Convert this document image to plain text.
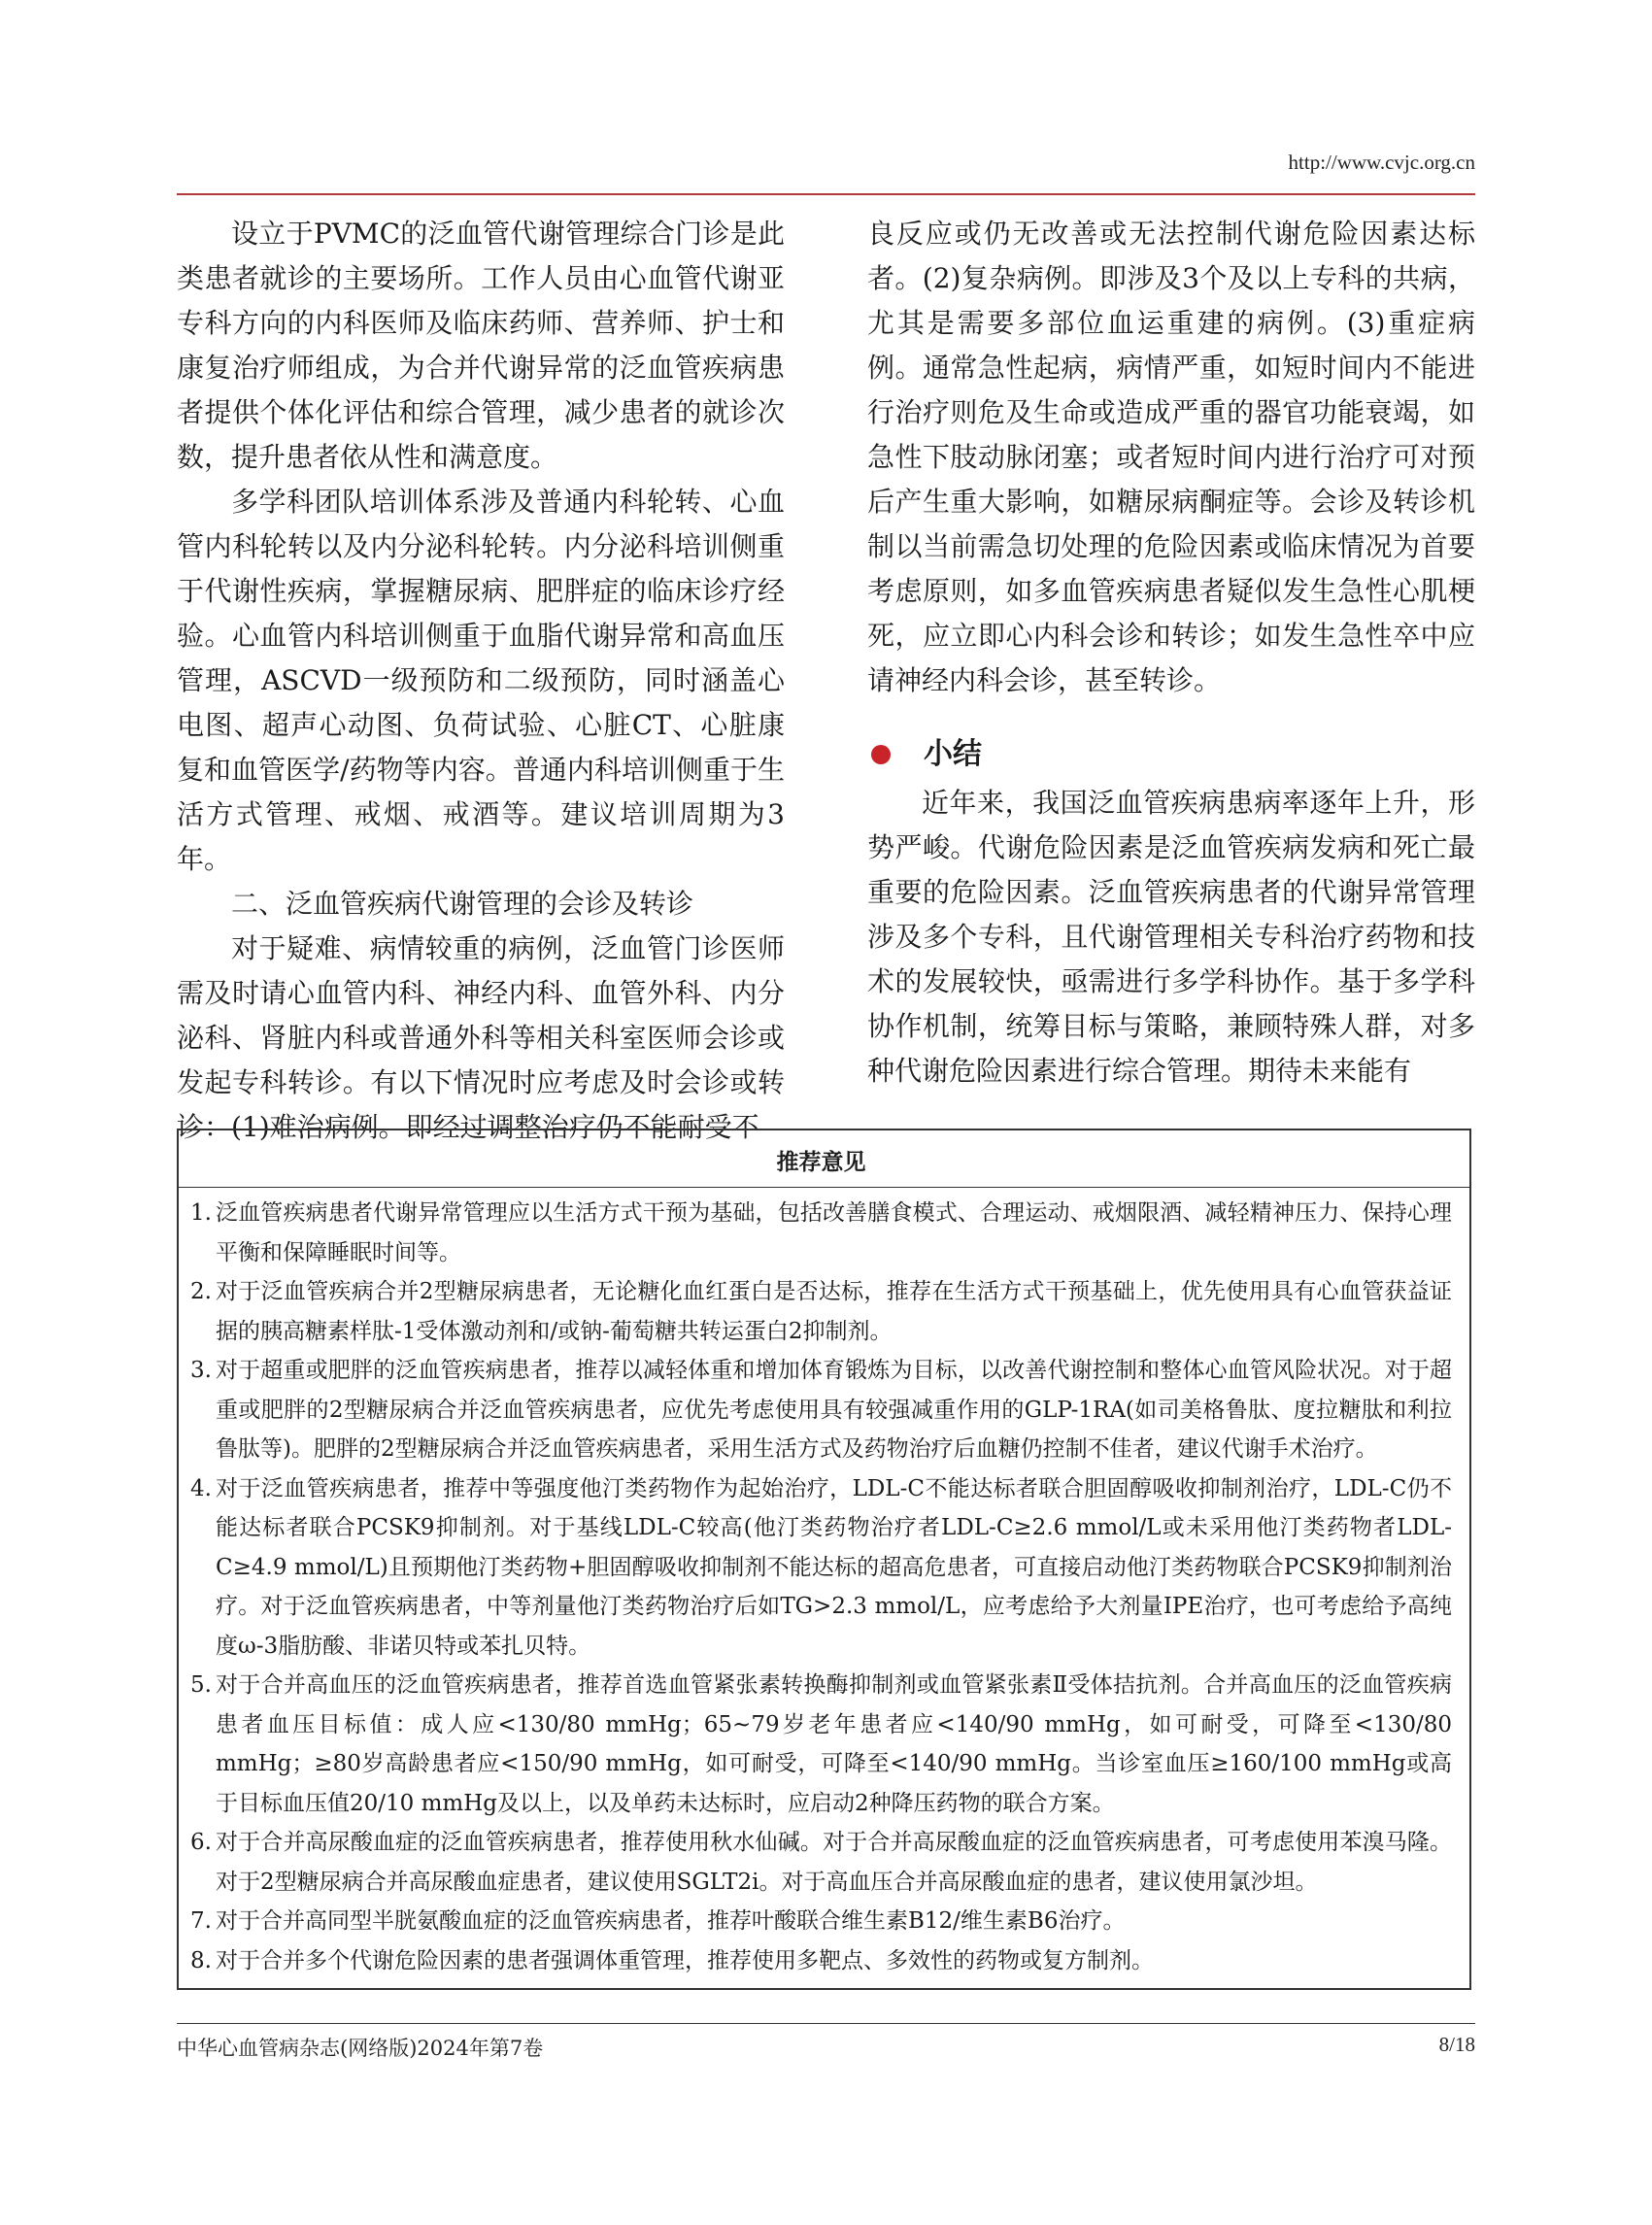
http://www.cvjc.org.cn

设立于PVMC的泛血管代谢管理综合门诊是此类患者就诊的主要场所。工作人员由心血管代谢亚专科方向的内科医师及临床药师、营养师、护士和康复治疗师组成，为合并代谢异常的泛血管疾病患者提供个体化评估和综合管理，减少患者的就诊次数，提升患者依从性和满意度。

多学科团队培训体系涉及普通内科轮转、心血管内科轮转以及内分泌科轮转。内分泌科培训侧重于代谢性疾病，掌握糖尿病、肥胖症的临床诊疗经验。心血管内科培训侧重于血脂代谢异常和高血压管理，ASCVD一级预防和二级预防，同时涵盖心电图、超声心动图、负荷试验、心脏CT、心脏康复和血管医学/药物等内容。普通内科培训侧重于生活方式管理、戒烟、戒酒等。建议培训周期为3年。

二、泛血管疾病代谢管理的会诊及转诊

对于疑难、病情较重的病例，泛血管门诊医师需及时请心血管内科、神经内科、血管外科、内分泌科、肾脏内科或普通外科等相关科室医师会诊或发起专科转诊。有以下情况时应考虑及时会诊或转诊：(1)难治病例。即经过调整治疗仍不能耐受不

良反应或仍无改善或无法控制代谢危险因素达标者。(2)复杂病例。即涉及3个及以上专科的共病，尤其是需要多部位血运重建的病例。(3)重症病例。通常急性起病，病情严重，如短时间内不能进行治疗则危及生命或造成严重的器官功能衰竭，如急性下肢动脉闭塞；或者短时间内进行治疗可对预后产生重大影响，如糖尿病酮症等。会诊及转诊机制以当前需急切处理的危险因素或临床情况为首要考虑原则，如多血管疾病患者疑似发生急性心肌梗死，应立即心内科会诊和转诊；如发生急性卒中应请神经内科会诊，甚至转诊。

小结

近年来，我国泛血管疾病患病率逐年上升，形势严峻。代谢危险因素是泛血管疾病发病和死亡最重要的危险因素。泛血管疾病患者的代谢异常管理涉及多个专科，且代谢管理相关专科治疗药物和技术的发展较快，亟需进行多学科协作。基于多学科协作机制，统筹目标与策略，兼顾特殊人群，对多种代谢危险因素进行综合管理。期待未来能有

推荐意见
1. 泛血管疾病患者代谢异常管理应以生活方式干预为基础，包括改善膳食模式、合理运动、戒烟限酒、减轻精神压力、保持心理平衡和保障睡眠时间等。
2. 对于泛血管疾病合并2型糖尿病患者，无论糖化血红蛋白是否达标，推荐在生活方式干预基础上，优先使用具有心血管获益证据的胰高糖素样肽-1受体激动剂和/或钠-葡萄糖共转运蛋白2抑制剂。
3. 对于超重或肥胖的泛血管疾病患者，推荐以减轻体重和增加体育锻炼为目标，以改善代谢控制和整体心血管风险状况。对于超重或肥胖的2型糖尿病合并泛血管疾病患者，应优先考虑使用具有较强减重作用的GLP-1RA(如司美格鲁肽、度拉糖肽和利拉鲁肽等)。肥胖的2型糖尿病合并泛血管疾病患者，采用生活方式及药物治疗后血糖仍控制不佳者，建议代谢手术治疗。
4. 对于泛血管疾病患者，推荐中等强度他汀类药物作为起始治疗，LDL-C不能达标者联合胆固醇吸收抑制剂治疗，LDL-C仍不能达标者联合PCSK9抑制剂。对于基线LDL-C较高(他汀类药物治疗者LDL-C≥2.6 mmol/L或未采用他汀类药物者LDL-C≥4.9 mmol/L)且预期他汀类药物+胆固醇吸收抑制剂不能达标的超高危患者，可直接启动他汀类药物联合PCSK9抑制剂治疗。对于泛血管疾病患者，中等剂量他汀类药物治疗后如TG>2.3 mmol/L，应考虑给予大剂量IPE治疗，也可考虑给予高纯度ω-3脂肪酸、非诺贝特或苯扎贝特。
5. 对于合并高血压的泛血管疾病患者，推荐首选血管紧张素转换酶抑制剂或血管紧张素Ⅱ受体拮抗剂。合并高血压的泛血管疾病患者血压目标值：成人应<130/80 mmHg；65~79岁老年患者应<140/90 mmHg，如可耐受，可降至<130/80 mmHg；≥80岁高龄患者应<150/90 mmHg，如可耐受，可降至<140/90 mmHg。当诊室血压≥160/100 mmHg或高于目标血压值20/10 mmHg及以上，以及单药未达标时，应启动2种降压药物的联合方案。
6. 对于合并高尿酸血症的泛血管疾病患者，推荐使用秋水仙碱。对于合并高尿酸血症的泛血管疾病患者，可考虑使用苯溴马隆。对于2型糖尿病合并高尿酸血症患者，建议使用SGLT2i。对于高血压合并高尿酸血症的患者，建议使用氯沙坦。
7. 对于合并高同型半胱氨酸血症的泛血管疾病患者，推荐叶酸联合维生素B12/维生素B6治疗。
8. 对于合并多个代谢危险因素的患者强调体重管理，推荐使用多靶点、多效性的药物或复方制剂。
中华心血管病杂志(网络版)2024年第7卷	8/18
